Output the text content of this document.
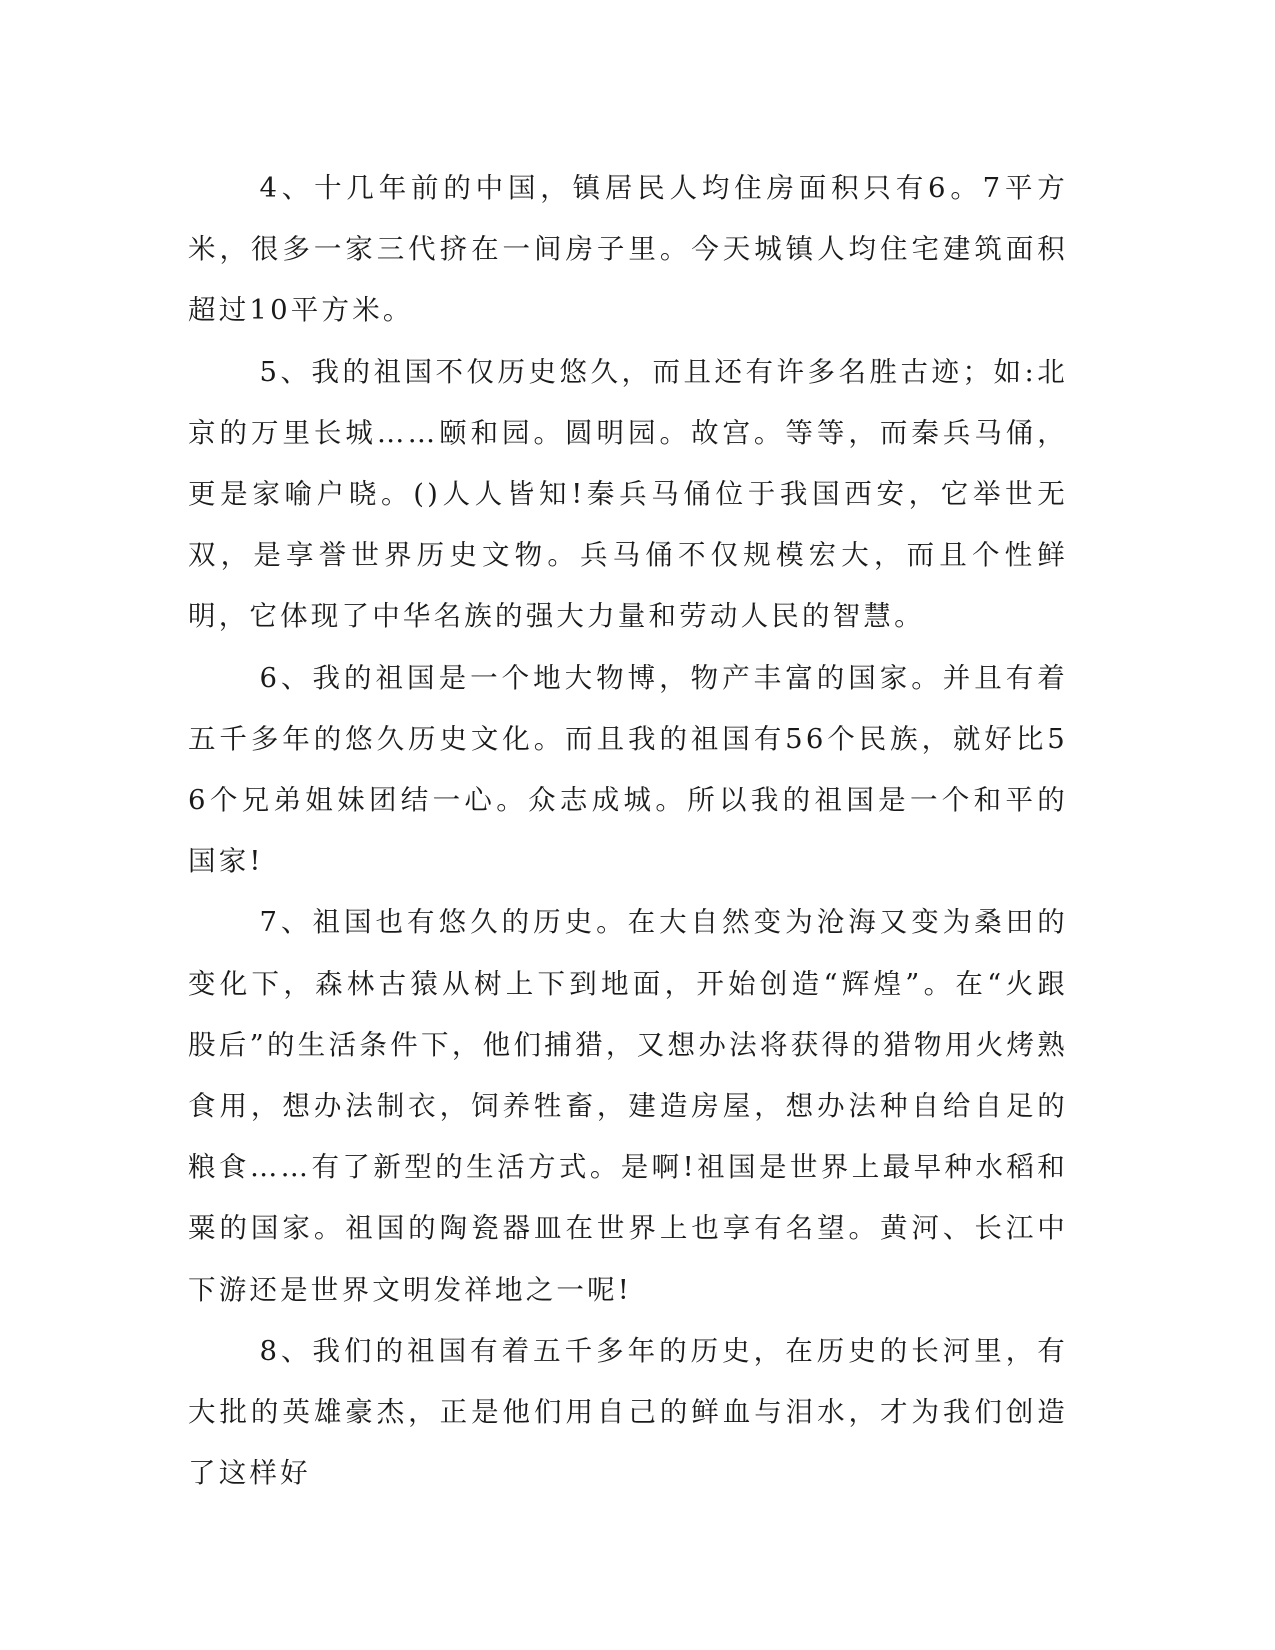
4、十几年前的中国，镇居民人均住房面积只有6。7平方米，很多一家三代挤在一间房子里。今天城镇人均住宅建筑面积超过10平方米。

5、我的祖国不仅历史悠久，而且还有许多名胜古迹；如:北京的万里长城……颐和园。圆明园。故宫。等等，而秦兵马俑，更是家喻户晓。()人人皆知!秦兵马俑位于我国西安，它举世无双，是享誉世界历史文物。兵马俑不仅规模宏大，而且个性鲜明，它体现了中华名族的强大力量和劳动人民的智慧。

6、我的祖国是一个地大物博，物产丰富的国家。并且有着五千多年的悠久历史文化。而且我的祖国有56个民族，就好比56个兄弟姐妹团结一心。众志成城。所以我的祖国是一个和平的国家!

7、祖国也有悠久的历史。在大自然变为沧海又变为桑田的变化下，森林古猿从树上下到地面，开始创造“辉煌”。在“火跟股后”的生活条件下，他们捕猎，又想办法将获得的猎物用火烤熟食用，想办法制衣，饲养牲畜，建造房屋，想办法种自给自足的粮食……有了新型的生活方式。是啊!祖国是世界上最早种水稻和粟的国家。祖国的陶瓷器皿在世界上也享有名望。黄河、长江中下游还是世界文明发祥地之一呢!

8、我们的祖国有着五千多年的历史，在历史的长河里，有大批的英雄豪杰，正是他们用自己的鲜血与泪水，才为我们创造了这样好
